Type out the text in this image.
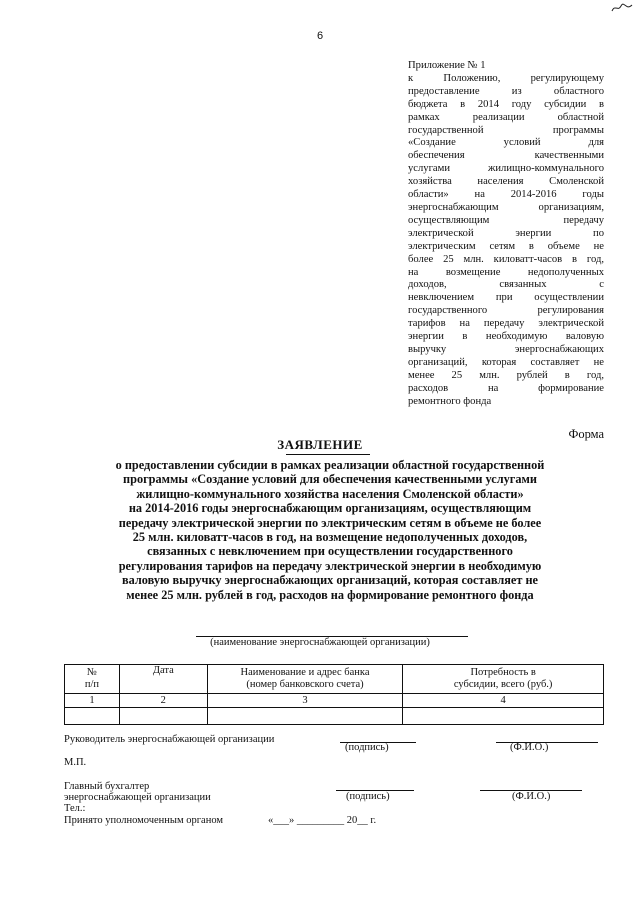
6
Приложение № 1
к Положению, регулирующему
предоставление из областного
бюджета в 2014 году субсидии в
рамках реализации областной
государственной программы
«Создание условий для
обеспечения качественными
услугами жилищно-коммунального
хозяйства населения Смоленской
области» на 2014-2016 годы
энергоснабжающим организациям,
осуществляющим передачу
электрической энергии по
электрическим сетям в объеме не
более 25 млн. киловатт-часов в год,
на возмещение недополученных
доходов, связанных с
невключением при осуществлении
государственного регулирования
тарифов на передачу электрической
энергии в необходимую валовую
выручку энергоснабжающих
организаций, которая составляет не
менее 25 млн. рублей в год,
расходов на формирование
ремонтного фонда
Форма
ЗАЯВЛЕНИЕ
о предоставлении субсидии в рамках реализации областной государственной
программы «Создание условий для обеспечения качественными услугами
жилищно-коммунального хозяйства населения Смоленской области»
на 2014-2016 годы энергоснабжающим организациям, осуществляющим
передачу электрической энергии по электрическим сетям в объеме не более
25 млн. киловатт-часов в год, на возмещение недополученных доходов,
связанных с невключением при осуществлении государственного
регулирования тарифов на передачу электрической энергии в необходимую
валовую выручку энергоснабжающих организаций, которая составляет не
менее 25 млн. рублей в год, расходов на формирование ремонтного фонда
(наименование энергоснабжающей организации)
№
п/п	Дата	Наименование и адрес банка
(номер банковского счета)	Потребность в
субсидии, всего (руб.)
1	2	3	4

Руководитель энергоснабжающей организации
(подпись)	(Ф.И.О.)
М.П.
Главный бухгалтер
энергоснабжающей организации	(подпись)	(Ф.И.О.)
Тел.:
Принято уполномоченным органом	«___» _________ 20__ г.
